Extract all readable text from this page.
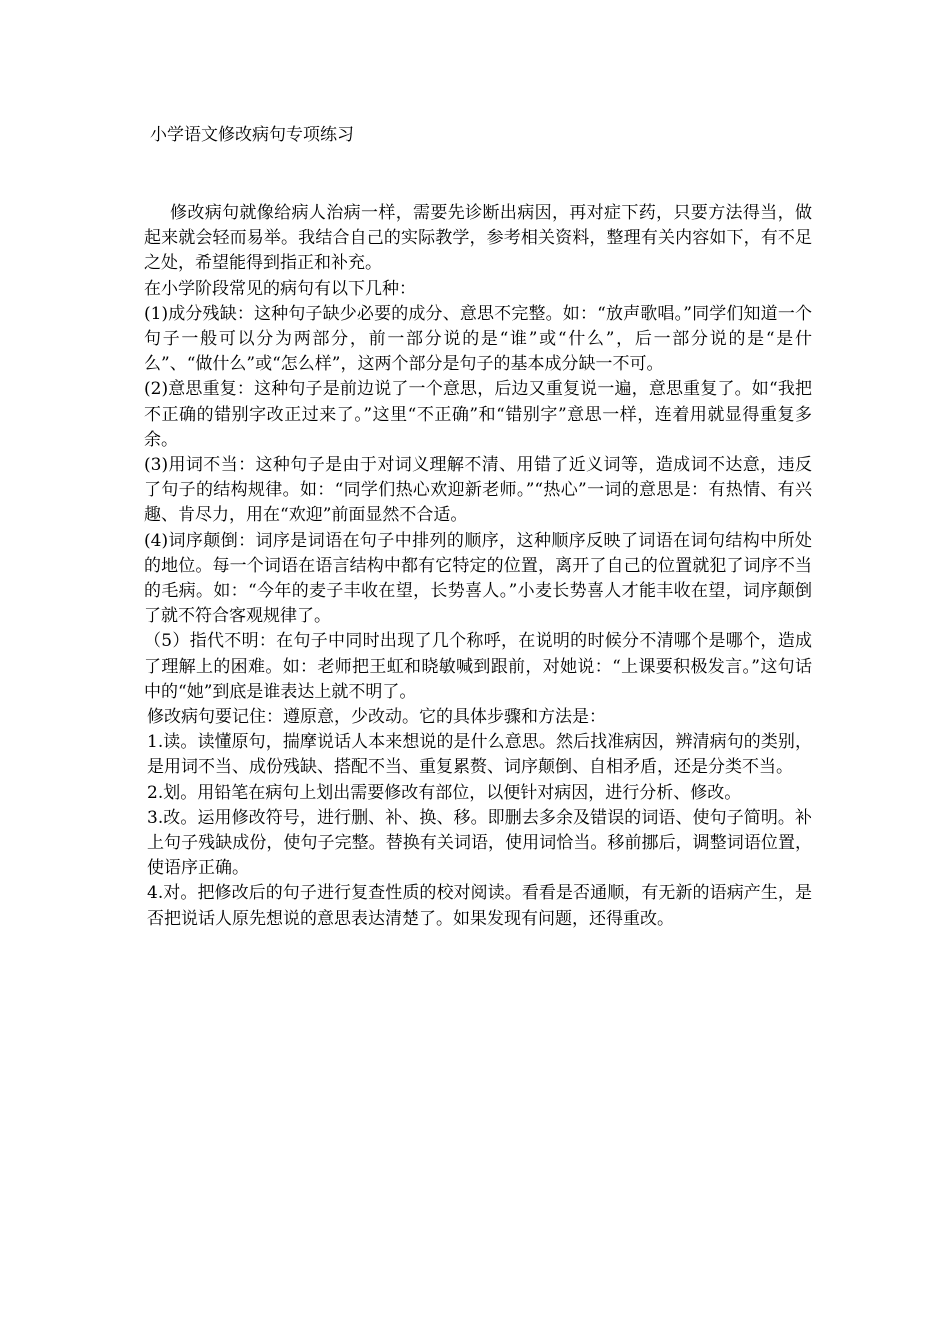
小学语文修改病句专项练习

修改病句就像给病人治病一样，需要先诊断出病因，再对症下药，只要方法得当，做起来就会轻而易举。我结合自己的实际教学，参考相关资料，整理有关内容如下，有不足之处，希望能得到指正和补充。

在小学阶段常见的病句有以下几种：

(1)成分残缺：这种句子缺少必要的成分、意思不完整。如：“放声歌唱。”同学们知道一个句子一般可以分为两部分，前一部分说的是“谁”或“什么”，后一部分说的是“是什么”、“做什么”或“怎么样”，这两个部分是句子的基本成分缺一不可。

(2)意思重复：这种句子是前边说了一个意思，后边又重复说一遍，意思重复了。如“我把不正确的错别字改正过来了。”这里“不正确”和“错别字”意思一样，连着用就显得重复多余。

(3)用词不当：这种句子是由于对词义理解不清、用错了近义词等，造成词不达意，违反了句子的结构规律。如：“同学们热心欢迎新老师。”“热心”一词的意思是：有热情、有兴趣、肯尽力，用在“欢迎”前面显然不合适。

(4)词序颠倒：词序是词语在句子中排列的顺序，这种顺序反映了词语在词句结构中所处的地位。每一个词语在语言结构中都有它特定的位置，离开了自己的位置就犯了词序不当的毛病。如：“今年的麦子丰收在望，长势喜人。”小麦长势喜人才能丰收在望，词序颠倒了就不符合客观规律了。

（5）指代不明：在句子中同时出现了几个称呼，在说明的时候分不清哪个是哪个，造成了理解上的困难。如：老师把王虹和晓敏喊到跟前，对她说：“上课要积极发言。”这句话中的“她”到底是谁表达上就不明了。

修改病句要记住：遵原意，少改动。它的具体步骤和方法是：

1.读。读懂原句，揣摩说话人本来想说的是什么意思。然后找准病因，辨清病句的类别，是用词不当、成份残缺、搭配不当、重复累赘、词序颠倒、自相矛盾，还是分类不当。

2.划。用铅笔在病句上划出需要修改有部位，以便针对病因，进行分析、修改。

3.改。运用修改符号，进行删、补、换、移。即删去多余及错误的词语、使句子简明。补上句子残缺成份，使句子完整。替换有关词语，使用词恰当。移前挪后，调整词语位置，使语序正确。

4.对。把修改后的句子进行复查性质的校对阅读。看看是否通顺，有无新的语病产生，是否把说话人原先想说的意思表达清楚了。如果发现有问题，还得重改。
